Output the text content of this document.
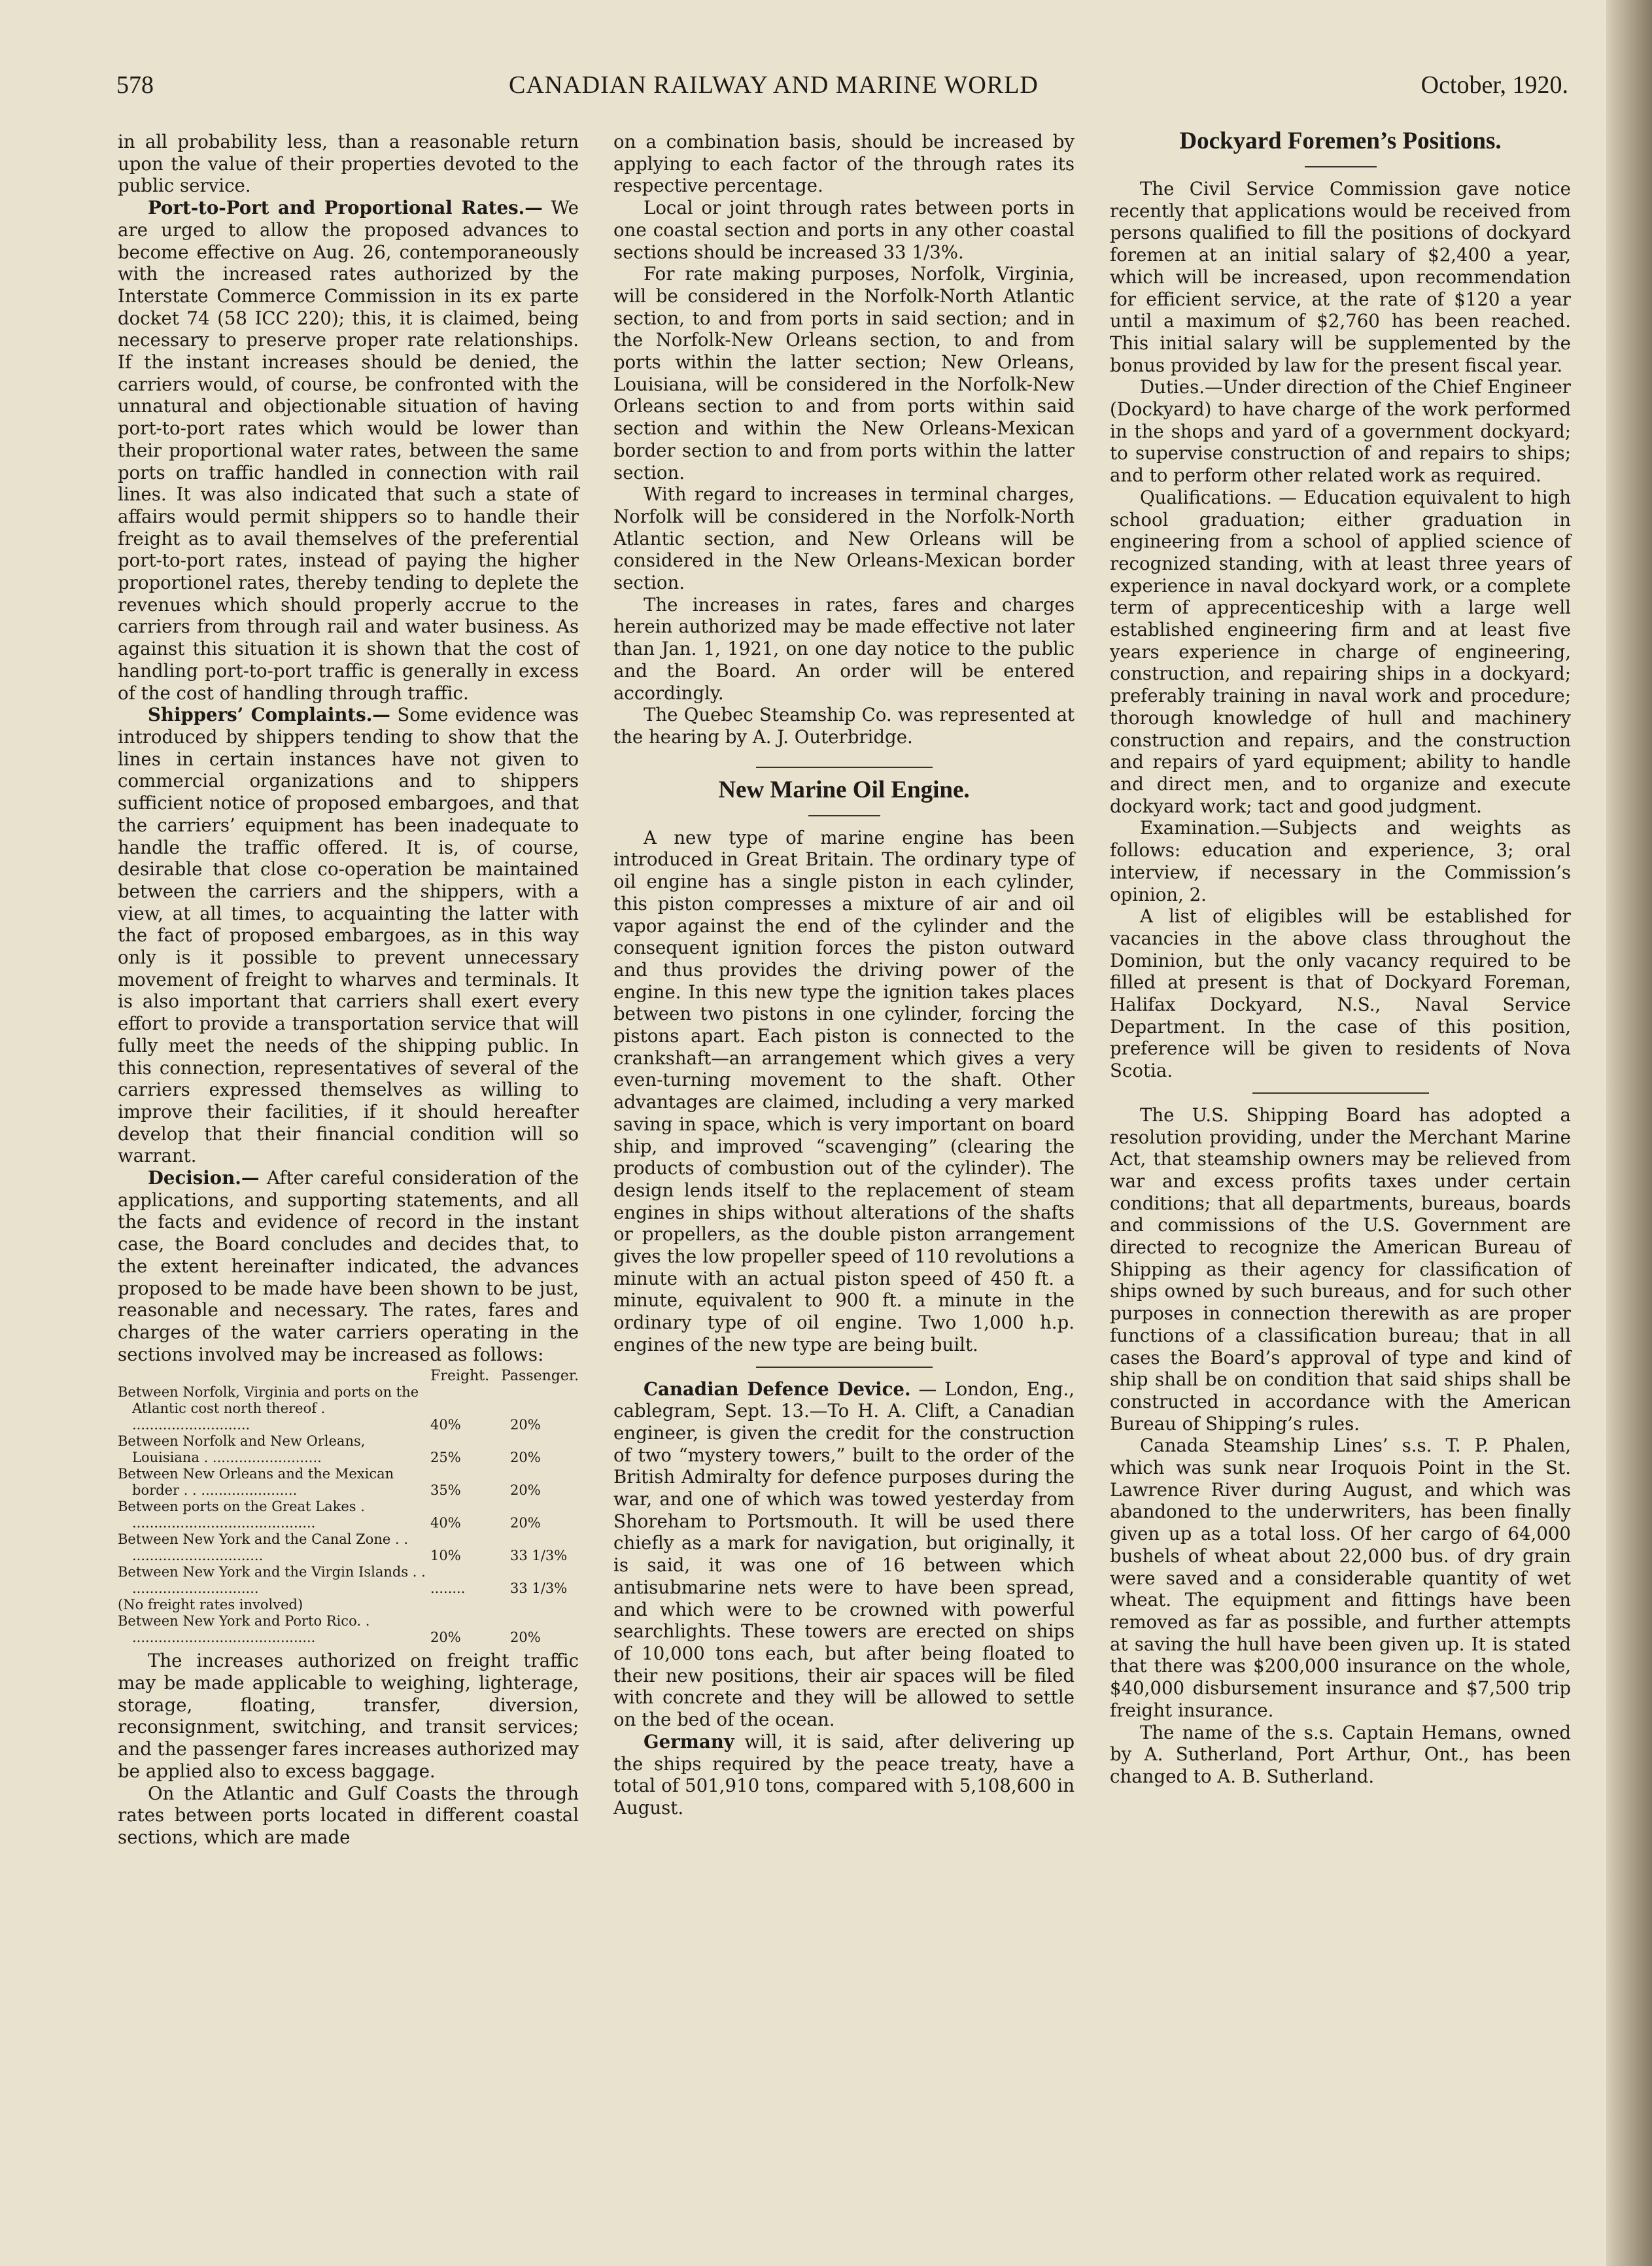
578	CANADIAN RAILWAY AND MARINE WORLD	October, 1920.

in all probability less, than a reasonable return upon the value of their properties devoted to the public service.

Port-to-Port and Proportional Rates.— We are urged to allow the proposed advances to become effective on Aug. 26, contemporaneously with the increased rates authorized by the Interstate Commerce Commission in its ex parte docket 74 (58 ICC 220); this, it is claimed, being necessary to preserve proper rate relationships. If the instant increases should be denied, the carriers would, of course, be confronted with the unnatural and objectionable situation of having port-to-port rates which would be lower than their proportional water rates, between the same ports on traffic handled in connection with rail lines. It was also indicated that such a state of affairs would permit shippers so to handle their freight as to avail themselves of the preferential port-to-port rates, instead of paying the higher proportionel rates, thereby tending to deplete the revenues which should properly accrue to the carriers from through rail and water business. As against this situation it is shown that the cost of handling port-to-port traffic is generally in excess of the cost of handling through traffic.

Shippers’ Complaints.— Some evidence was introduced by shippers tending to show that the lines in certain instances have not given to commercial organizations and to shippers sufficient notice of proposed embargoes, and that the carriers’ equipment has been inadequate to handle the traffic offered. It is, of course, desirable that close co-operation be maintained between the carriers and the shippers, with a view, at all times, to acquainting the latter with the fact of proposed embargoes, as in this way only is it possible to prevent unnecessary movement of freight to wharves and terminals. It is also important that carriers shall exert every effort to provide a transportation service that will fully meet the needs of the shipping public. In this connection, representatives of several of the carriers expressed themselves as willing to improve their facilities, if it should hereafter develop that their financial condition will so warrant.

Decision.— After careful consideration of the applications, and supporting statements, and all the facts and evidence of record in the instant case, the Board concludes and decides that, to the extent hereinafter indicated, the advances proposed to be made have been shown to be just, reasonable and necessary. The rates, fares and charges of the water carriers operating in the sections involved may be increased as follows:

Freight. Passenger.
Between Norfolk, Virginia and ports on the Atlantic cost north thereof . ...........................	40%	20%
Between Norfolk and New Orleans, Louisiana . .........................	25%	20%
Between New Orleans and the Mexican border . . ......................	35%	20%
Between ports on the Great Lakes . ..........................................	40%	20%
Between New York and the Canal Zone . . ..............................	10%	33 1/3%
Between New York and the Virgin Islands . . .............................	........	33 1/3%
(No freight rates involved)
Between New York and Porto Rico. . ..........................................	20%	20%

The increases authorized on freight traffic may be made applicable to weighing, lighterage, storage, floating, transfer, diversion, reconsignment, switching, and transit services; and the passenger fares increases authorized may be applied also to excess baggage.

On the Atlantic and Gulf Coasts the through rates between ports located in different coastal sections, which are made

on a combination basis, should be increased by applying to each factor of the through rates its respective percentage.

Local or joint through rates between ports in one coastal section and ports in any other coastal sections should be increased 33 1/3%.

For rate making purposes, Norfolk, Virginia, will be considered in the Norfolk-North Atlantic section, to and from ports in said section; and in the Norfolk-New Orleans section, to and from ports within the latter section; New Orleans, Louisiana, will be considered in the Norfolk-New Orleans section to and from ports within said section and within the New Orleans-Mexican border section to and from ports within the latter section.

With regard to increases in terminal charges, Norfolk will be considered in the Norfolk-North Atlantic section, and New Orleans will be considered in the New Orleans-Mexican border section.

The increases in rates, fares and charges herein authorized may be made effective not later than Jan. 1, 1921, on one day notice to the public and the Board. An order will be entered accordingly.

The Quebec Steamship Co. was represented at the hearing by A. J. Outerbridge.

New Marine Oil Engine.

A new type of marine engine has been introduced in Great Britain. The ordinary type of oil engine has a single piston in each cylinder, this piston compresses a mixture of air and oil vapor against the end of the cylinder and the consequent ignition forces the piston outward and thus provides the driving power of the engine. In this new type the ignition takes places between two pistons in one cylinder, forcing the pistons apart. Each piston is connected to the crankshaft—an arrangement which gives a very even-turning movement to the shaft. Other advantages are claimed, including a very marked saving in space, which is very important on board ship, and improved “scavenging” (clearing the products of combustion out of the cylinder). The design lends itself to the replacement of steam engines in ships without alterations of the shafts or propellers, as the double piston arrangement gives the low propeller speed of 110 revolutions a minute with an actual piston speed of 450 ft. a minute, equivalent to 900 ft. a minute in the ordinary type of oil engine. Two 1,000 h.p. engines of the new type are being built.

Canadian Defence Device. — London, Eng., cablegram, Sept. 13.—To H. A. Clift, a Canadian engineer, is given the credit for the construction of two “mystery towers,” built to the order of the British Admiralty for defence purposes during the war, and one of which was towed yesterday from Shoreham to Portsmouth. It will be used there chiefly as a mark for navigation, but originally, it is said, it was one of 16 between which antisubmarine nets were to have been spread, and which were to be crowned with powerful searchlights. These towers are erected on ships of 10,000 tons each, but after being floated to their new positions, their air spaces will be filed with concrete and they will be allowed to settle on the bed of the ocean.

Germany will, it is said, after delivering up the ships required by the peace treaty, have a total of 501,910 tons, compared with 5,108,600 in August.

Dockyard Foremen’s Positions.

The Civil Service Commission gave notice recently that applications would be received from persons qualified to fill the positions of dockyard foremen at an initial salary of $2,400 a year, which will be increased, upon recommendation for efficient service, at the rate of $120 a year until a maximum of $2,760 has been reached. This initial salary will be supplemented by the bonus provided by law for the present fiscal year.

Duties.—Under direction of the Chief Engineer (Dockyard) to have charge of the work performed in the shops and yard of a government dockyard; to supervise construction of and repairs to ships; and to perform other related work as required.

Qualifications. — Education equivalent to high school graduation; either graduation in engineering from a school of applied science of recognized standing, with at least three years of experience in naval dockyard work, or a complete term of apprecenticeship with a large well established engineering firm and at least five years experience in charge of engineering, construction, and repairing ships in a dockyard; preferably training in naval work and procedure; thorough knowledge of hull and machinery construction and repairs, and the construction and repairs of yard equipment; ability to handle and direct men, and to organize and execute dockyard work; tact and good judgment.

Examination.—Subjects and weights as follows: education and experience, 3; oral interview, if necessary in the Commission’s opinion, 2.

A list of eligibles will be established for vacancies in the above class throughout the Dominion, but the only vacancy required to be filled at present is that of Dockyard Foreman, Halifax Dockyard, N.S., Naval Service Department. In the case of this position, preference will be given to residents of Nova Scotia.

The U.S. Shipping Board has adopted a resolution providing, under the Merchant Marine Act, that steamship owners may be relieved from war and excess profits taxes under certain conditions; that all departments, bureaus, boards and commissions of the U.S. Government are directed to recognize the American Bureau of Shipping as their agency for classification of ships owned by such bureaus, and for such other purposes in connection therewith as are proper functions of a classification bureau; that in all cases the Board’s approval of type and kind of ship shall be on condition that said ships shall be constructed in accordance with the American Bureau of Shipping’s rules.

Canada Steamship Lines’ s.s. T. P. Phalen, which was sunk near Iroquois Point in the St. Lawrence River during August, and which was abandoned to the underwriters, has been finally given up as a total loss. Of her cargo of 64,000 bushels of wheat about 22,000 bus. of dry grain were saved and a considerable quantity of wet wheat. The equipment and fittings have been removed as far as possible, and further attempts at saving the hull have been given up. It is stated that there was $200,000 insurance on the whole, $40,000 disbursement insurance and $7,500 trip freight insurance.

The name of the s.s. Captain Hemans, owned by A. Sutherland, Port Arthur, Ont., has been changed to A. B. Sutherland.
